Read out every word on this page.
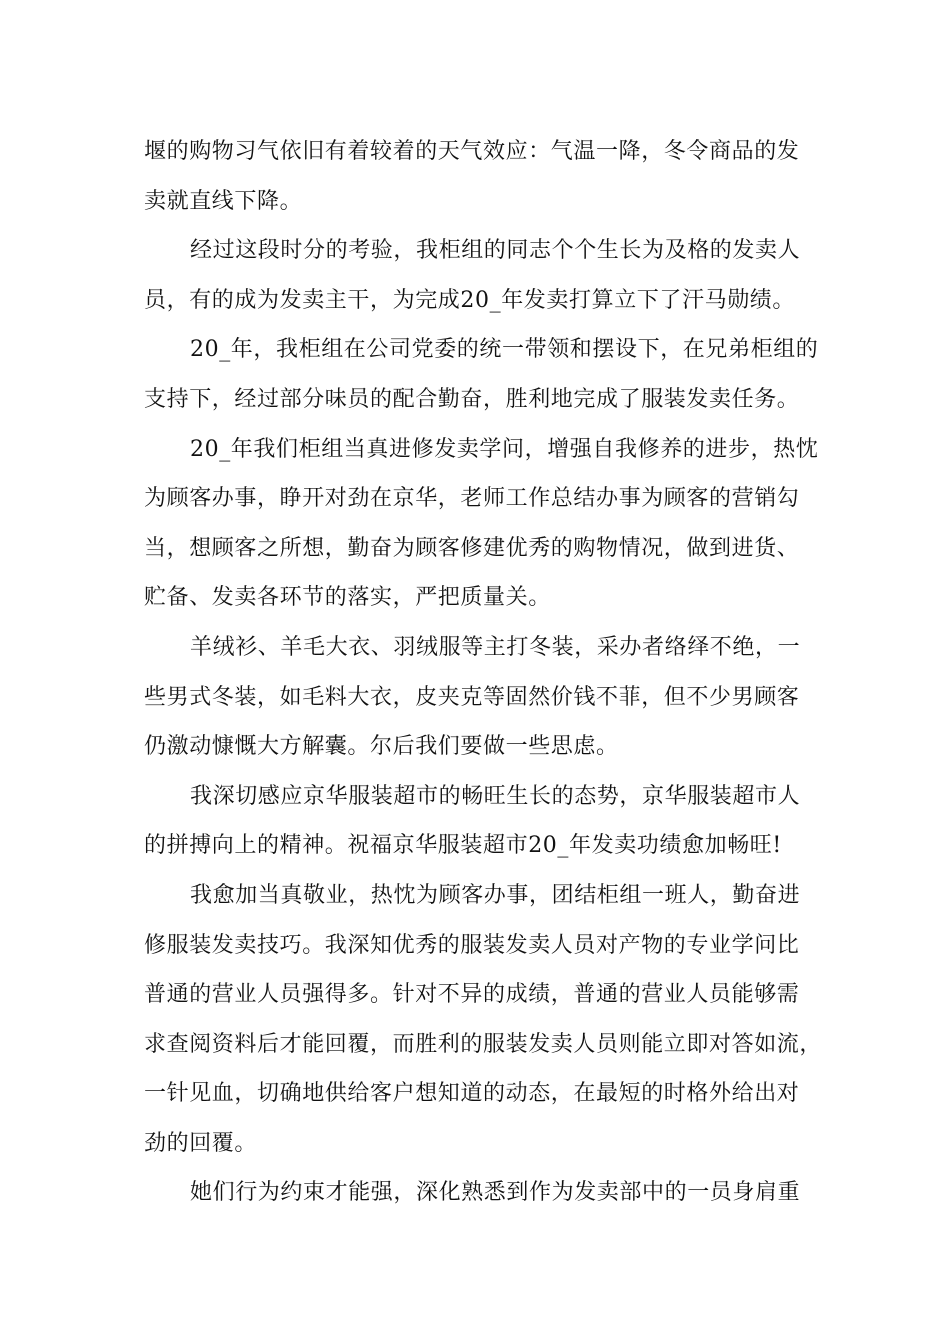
堰的购物习气依旧有着较着的天气效应：气温一降，冬令商品的发
卖就直线下降。

经过这段时分的考验，我柜组的同志个个生长为及格的发卖人
员，有的成为发卖主干，为完成20_年发卖打算立下了汗马勋绩。

20_年，我柜组在公司党委的统一带领和摆设下，在兄弟柜组的
支持下，经过部分味员的配合勤奋，胜利地完成了服装发卖任务。

20_年我们柜组当真进修发卖学问，增强自我修养的进步，热忱
为顾客办事，睁开对劲在京华，老师工作总结办事为顾客的营销勾
当，想顾客之所想，勤奋为顾客修建优秀的购物情况，做到进货、
贮备、发卖各环节的落实，严把质量关。

羊绒衫、羊毛大衣、羽绒服等主打冬装，采办者络绎不绝，一
些男式冬装，如毛料大衣，皮夹克等固然价钱不菲，但不少男顾客
仍激动慷慨大方解囊。尔后我们要做一些思虑。

我深切感应京华服装超市的畅旺生长的态势，京华服装超市人
的拼搏向上的精神。祝福京华服装超市20_年发卖功绩愈加畅旺!

我愈加当真敬业，热忱为顾客办事，团结柜组一班人，勤奋进
修服装发卖技巧。我深知优秀的服装发卖人员对产物的专业学问比
普通的营业人员强得多。针对不异的成绩，普通的营业人员能够需
求查阅资料后才能回覆，而胜利的服装发卖人员则能立即对答如流，
一针见血，切确地供给客户想知道的动态，在最短的时格外给出对
劲的回覆。

她们行为约束才能强，深化熟悉到作为发卖部中的一员身肩重
